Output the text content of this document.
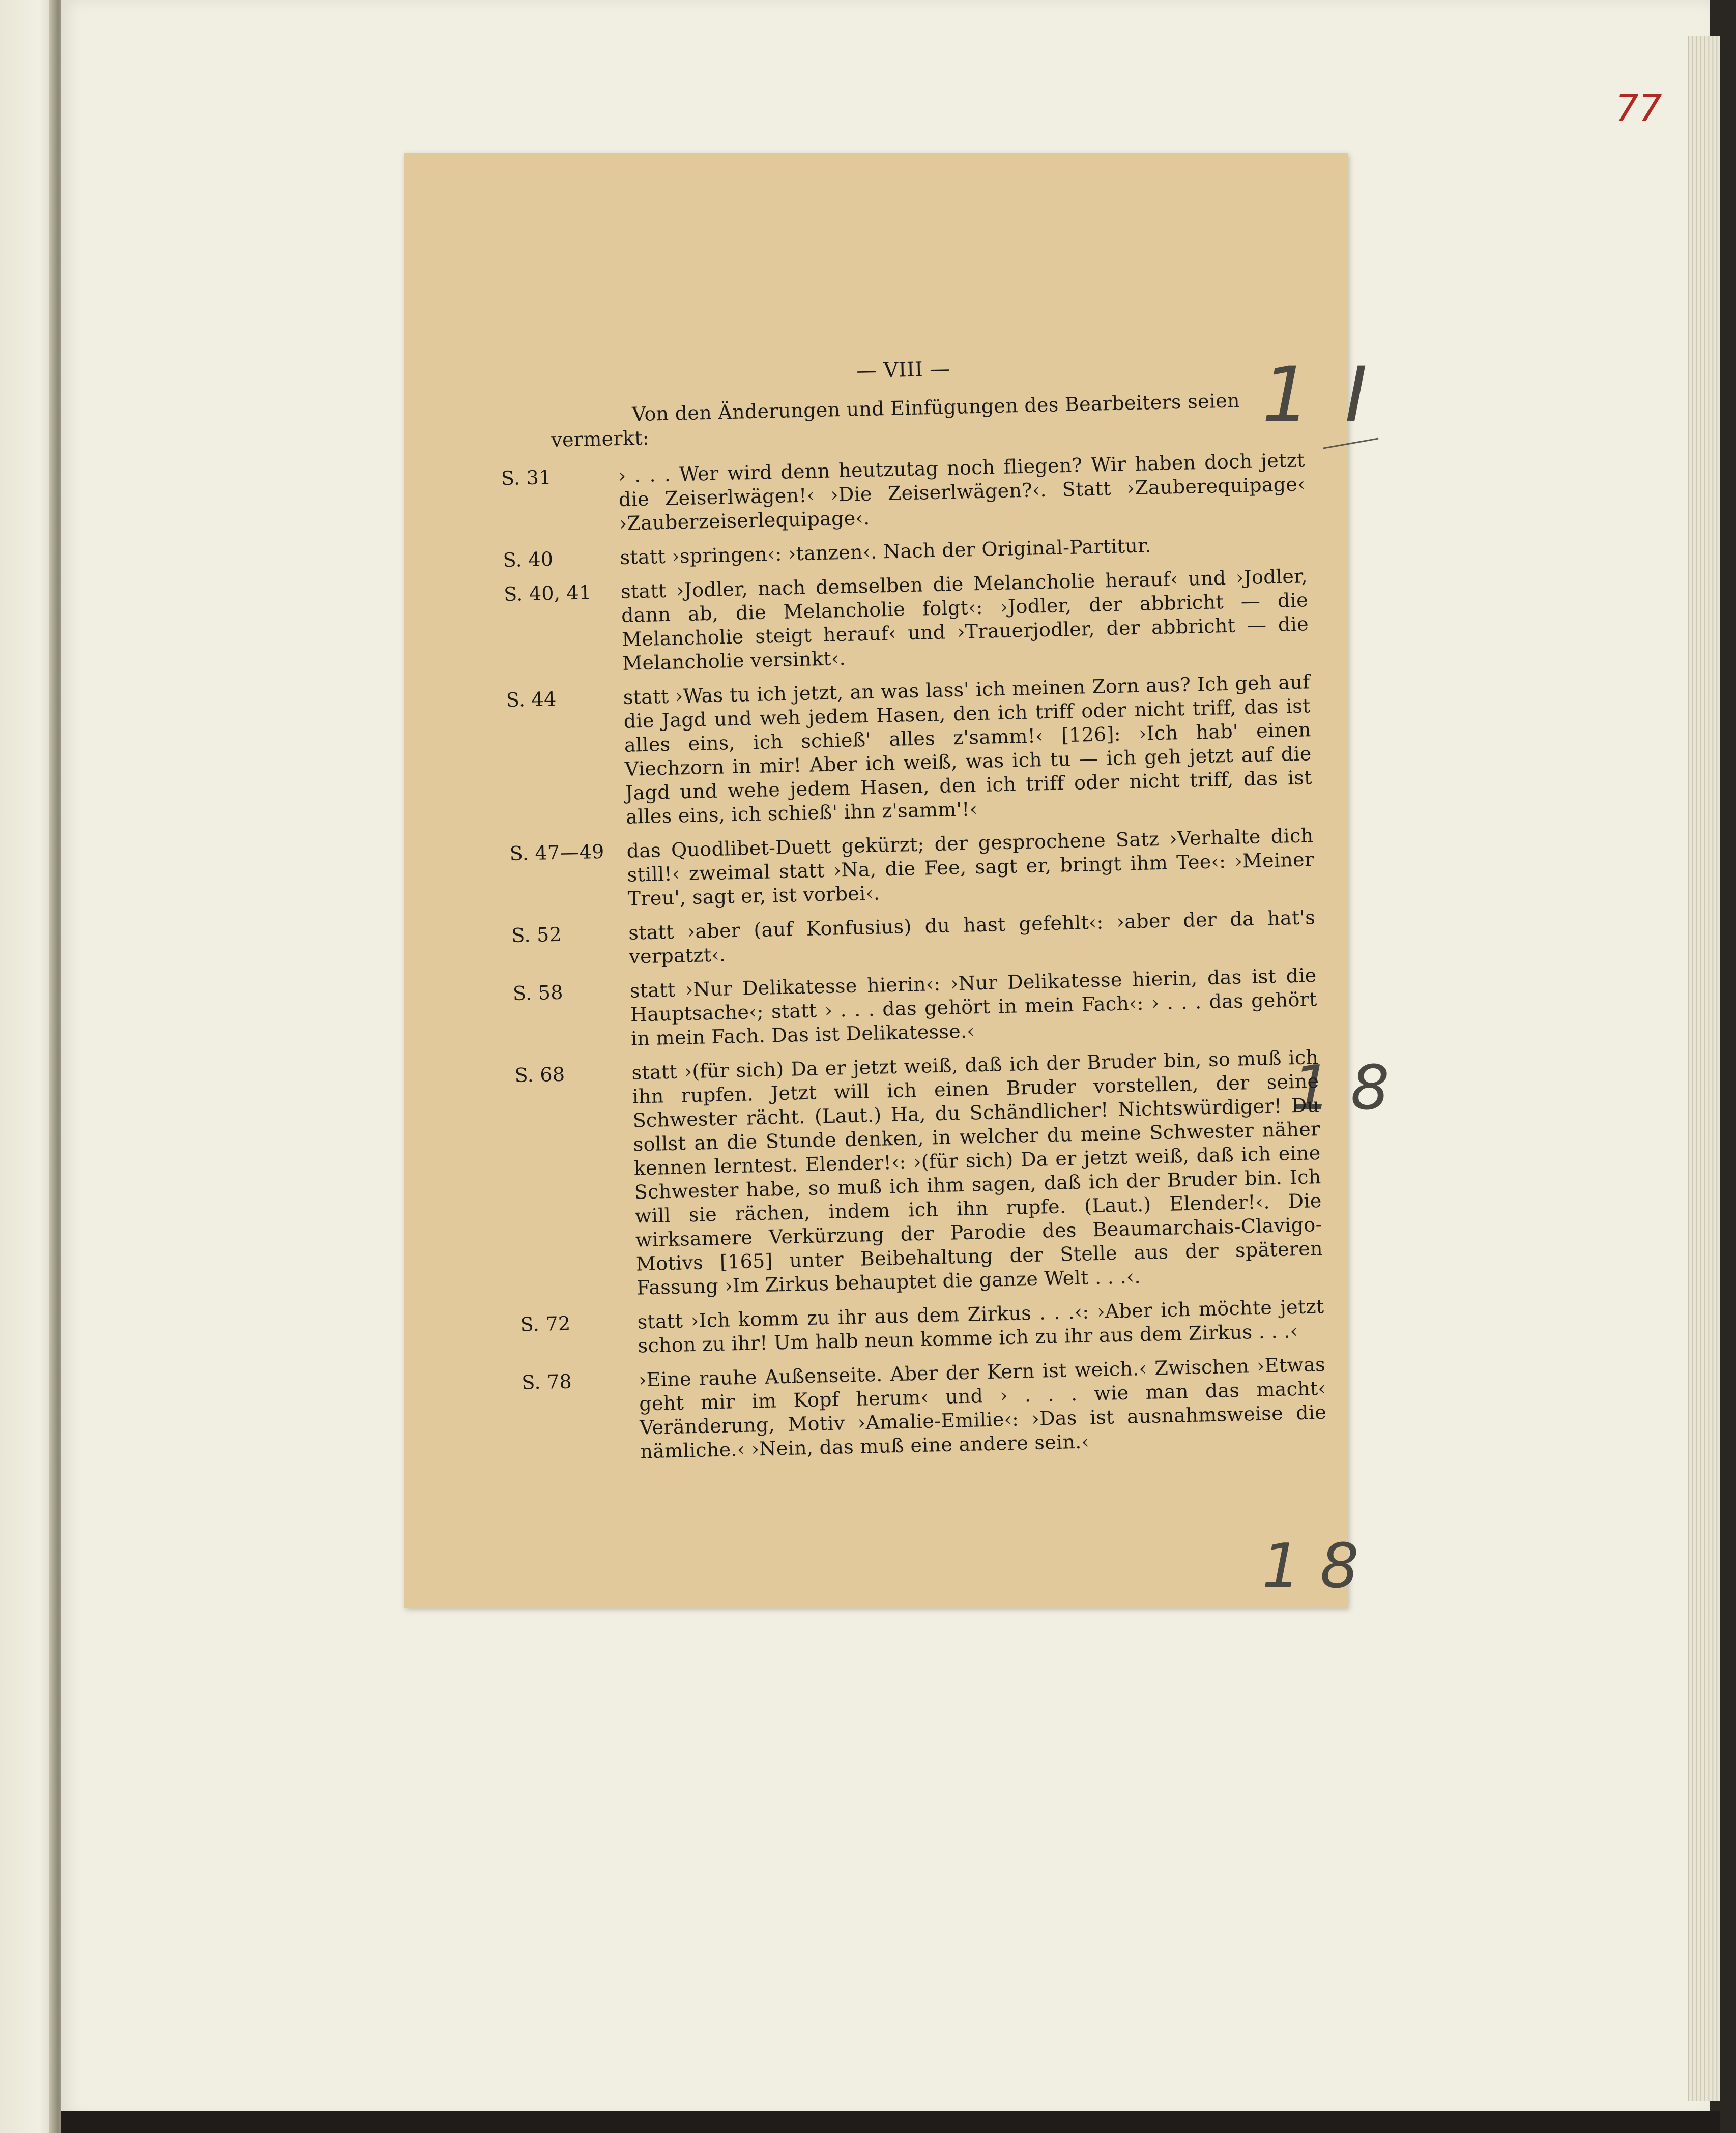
77
1 I
1 8
1 8
— VIII —

Von den Änderungen und Einfügungen des Bearbeiters seien vermerkt:

S. 31	› . . . Wer wird denn heutzutag noch fliegen? Wir haben doch jetzt die Zeiserlwägen!‹ ›Die Zeiserlwägen?‹. Statt ›Zauberequipage‹ ›Zauberzeiserlequipage‹.
S. 40	statt ›springen‹: ›tanzen‹. Nach der Original-Partitur.
S. 40, 41 statt ›Jodler, nach demselben die Melancholie herauf‹ und ›Jodler, dann ab, die Melancholie folgt‹: ›Jodler, der abbricht — die Melancholie steigt herauf‹ und ›Trauerjodler, der abbricht — die Melancholie versinkt‹.
S. 44	statt ›Was tu ich jetzt, an was lass' ich meinen Zorn aus? Ich geh auf die Jagd und weh jedem Hasen, den ich triff oder nicht triff, das ist alles eins, ich schieß' alles z'samm!‹ [126]: ›Ich hab' einen Viechzorn in mir! Aber ich weiß, was ich tu — ich geh jetzt auf die Jagd und wehe jedem Hasen, den ich triff oder nicht triff, das ist alles eins, ich schieß' ihn z'samm'!‹
S. 47—49 das Quodlibet-Duett gekürzt; der gesprochene Satz ›Verhalte dich still!‹ zweimal statt ›Na, die Fee, sagt er, bringt ihm Tee‹: ›Meiner Treu', sagt er, ist vorbei‹.
S. 52	statt ›aber (auf Konfusius) du hast gefehlt‹: ›aber der da hat's verpatzt‹.
S. 58	statt ›Nur Delikatesse hierin‹: ›Nur Delikatesse hierin, das ist die Hauptsache‹; statt › . . . das gehört in mein Fach‹: › . . . das gehört in mein Fach. Das ist Delikatesse.‹
S. 68	statt ›(für sich) Da er jetzt weiß, daß ich der Bruder bin, so muß ich ihn rupfen. Jetzt will ich einen Bruder vorstellen, der seine Schwester rächt. (Laut.) Ha, du Schändlicher! Nichtswürdiger! Du sollst an die Stunde denken, in welcher du meine Schwester näher kennen lerntest. Elender!‹: ›(für sich) Da er jetzt weiß, daß ich eine Schwester habe, so muß ich ihm sagen, daß ich der Bruder bin. Ich will sie rächen, indem ich ihn rupfe. (Laut.) Elender!‹. Die wirksamere Verkürzung der Parodie des Beaumarchais-Clavigo-Motivs [165] unter Beibehaltung der Stelle aus der späteren Fassung ›Im Zirkus behauptet die ganze Welt . . .‹.
S. 72	statt ›Ich komm zu ihr aus dem Zirkus . . .‹: ›Aber ich möchte jetzt schon zu ihr! Um halb neun komme ich zu ihr aus dem Zirkus . . .‹
S. 78	›Eine rauhe Außenseite. Aber der Kern ist weich.‹ Zwischen ›Etwas geht mir im Kopf herum‹ und › . . . wie man das macht‹ Veränderung, Motiv ›Amalie-Emilie‹: ›Das ist ausnahmsweise die nämliche.‹ ›Nein, das muß eine andere sein.‹
